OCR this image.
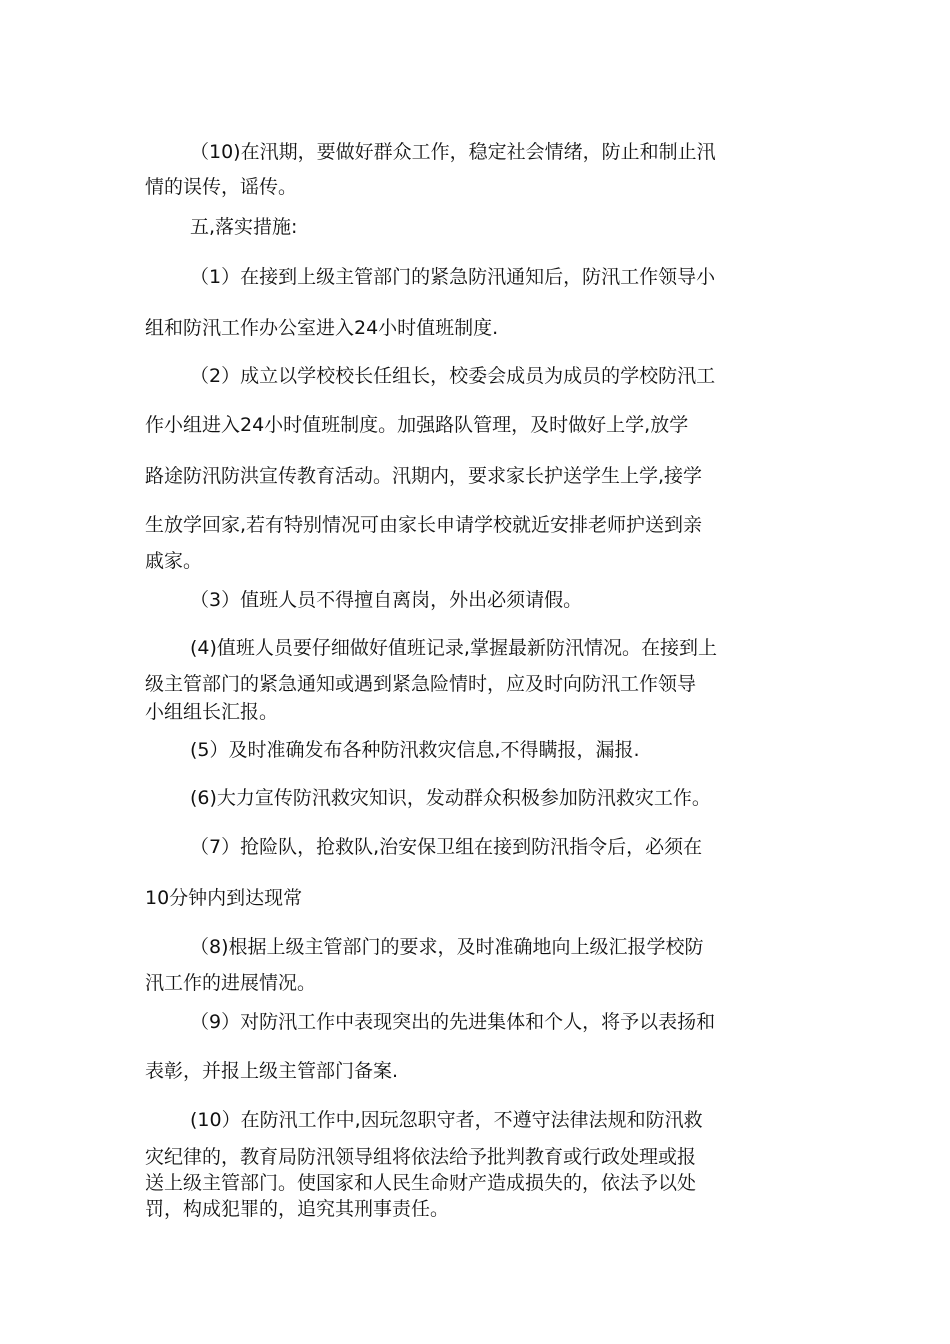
（10)在汛期，要做好群众工作，稳定社会情绪，防止和制止汛
情的误传，谣传。
五,落实措施:
（1）在接到上级主管部门的紧急防汛通知后，防汛工作领导小
组和防汛工作办公室进入24小时值班制度.
（2）成立以学校校长任组长，校委会成员为成员的学校防汛工
作小组进入24小时值班制度。加强路队管理，及时做好上学,放学
路途防汛防洪宣传教育活动。汛期内，要求家长护送学生上学,接学
生放学回家,若有特别情况可由家长申请学校就近安排老师护送到亲
戚家。
（3）值班人员不得擅自离岗，外出必须请假。
(4)值班人员要仔细做好值班记录,掌握最新防汛情况。在接到上
级主管部门的紧急通知或遇到紧急险情时，应及时向防汛工作领导
小组组长汇报。
(5）及时准确发布各种防汛救灾信息,不得瞒报，漏报.
(6)大力宣传防汛救灾知识，发动群众积极参加防汛救灾工作。
（7）抢险队，抢救队,治安保卫组在接到防汛指令后，必须在
10分钟内到达现常
（8)根据上级主管部门的要求，及时准确地向上级汇报学校防
汛工作的进展情况。
（9）对防汛工作中表现突出的先进集体和个人，将予以表扬和
表彰，并报上级主管部门备案.
(10）在防汛工作中,因玩忽职守者，不遵守法律法规和防汛救
灾纪律的，教育局防汛领导组将依法给予批判教育或行政处理或报
送上级主管部门。使国家和人民生命财产造成损失的，依法予以处
罚，构成犯罪的，追究其刑事责任。
